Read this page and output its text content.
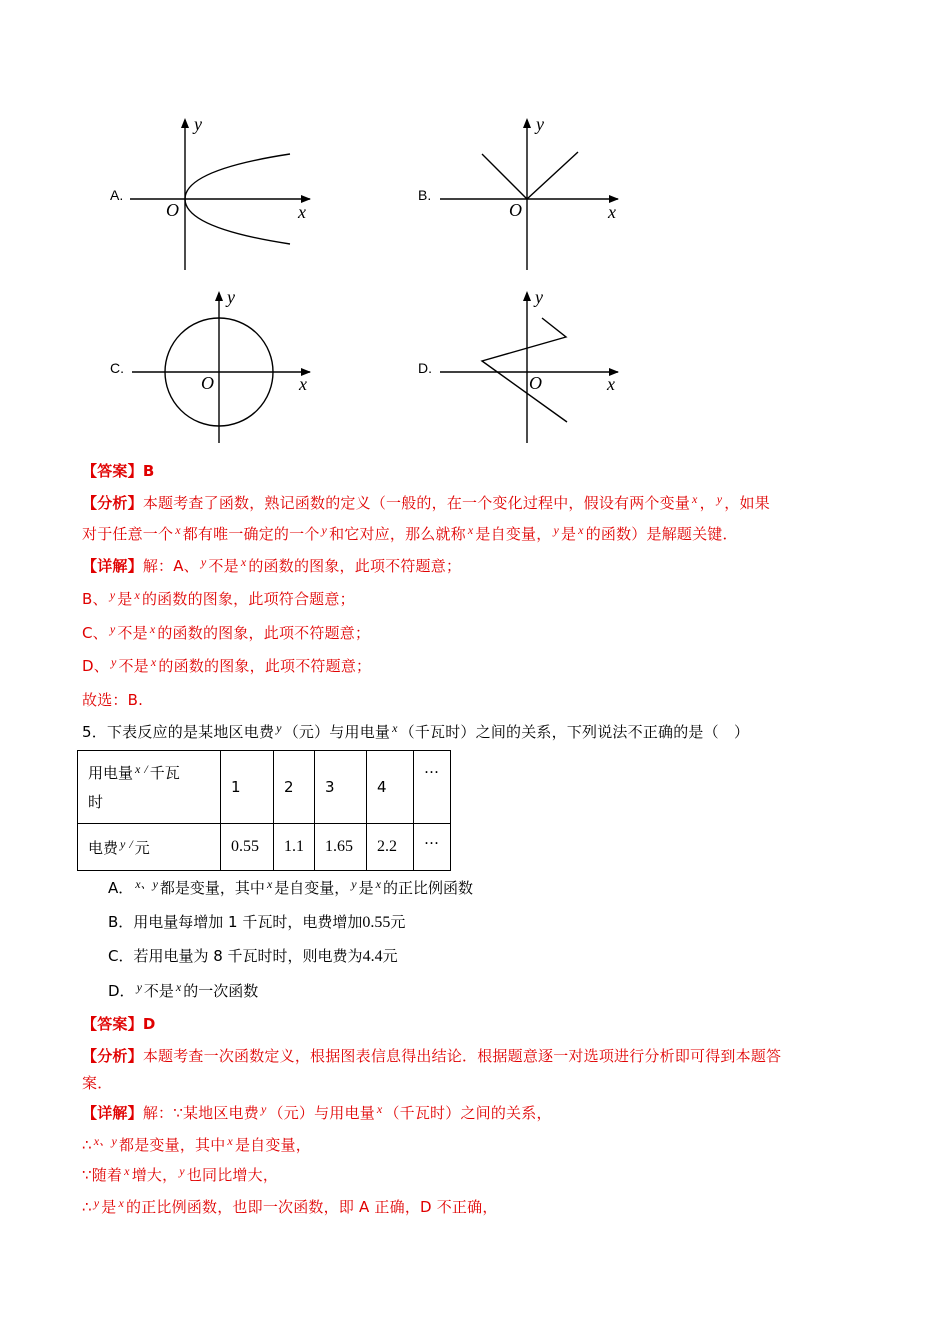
A.
y
x
O
B.
y
x
O
C.
y
x
O
D.
y
x
O
【答案】B
【分析】本题考查了函数，熟记函数的定义（一般的，在一个变化过程中，假设有两个变量 $^x$ ， $^y$ ，如果
对于任意一个 $^x$ 都有唯一确定的一个 $^y$ 和它对应，那么就称 $^x$ 是自变量， $^y$ 是 $^x$ 的函数）是解题关键．
【详解】解：A、 $^y$ 不是 $^x$ 的函数的图象，此项不符题意；
B、 $^y$ 是 $^x$ 的函数的图象，此项符合题意；
C、 $^y$ 不是 $^x$ 的函数的图象，此项不符题意；
D、 $^y$ 不是 $^x$ 的函数的图象，此项不符题意；
故选：B.
5．下表反应的是某地区电费 $^y$ （元）与用电量 $^x$ （千瓦时）之间的关系，下列说法不正确的是（　）
用电量 $^x$ / 千瓦
时	1	2	3	4	…
电费 $^y$ / 元	0.55	1.1	1.65	2.2	…
A． $^{x、y}$ 都是变量，其中 $^x$ 是自变量， $^y$ 是 $^x$ 的正比例函数
B．用电量每增加 1 千瓦时，电费增加0.55元
C．若用电量为 8 千瓦时时，则电费为4.4元
D． $^y$ 不是 $^x$ 的一次函数
【答案】D
【分析】本题考查一次函数定义，根据图表信息得出结论．根据题意逐一对选项进行分析即可得到本题答
案．
【详解】解：∵某地区电费 $^y$ （元）与用电量 $^x$ （千瓦时）之间的关系，
∴ $^{x、y}$ 都是变量，其中 $^x$ 是自变量，
∵随着 $^x$ 增大， $^y$ 也同比增大，
∴ $^y$ 是 $^x$ 的正比例函数，也即一次函数，即 A 正确，D 不正确，
